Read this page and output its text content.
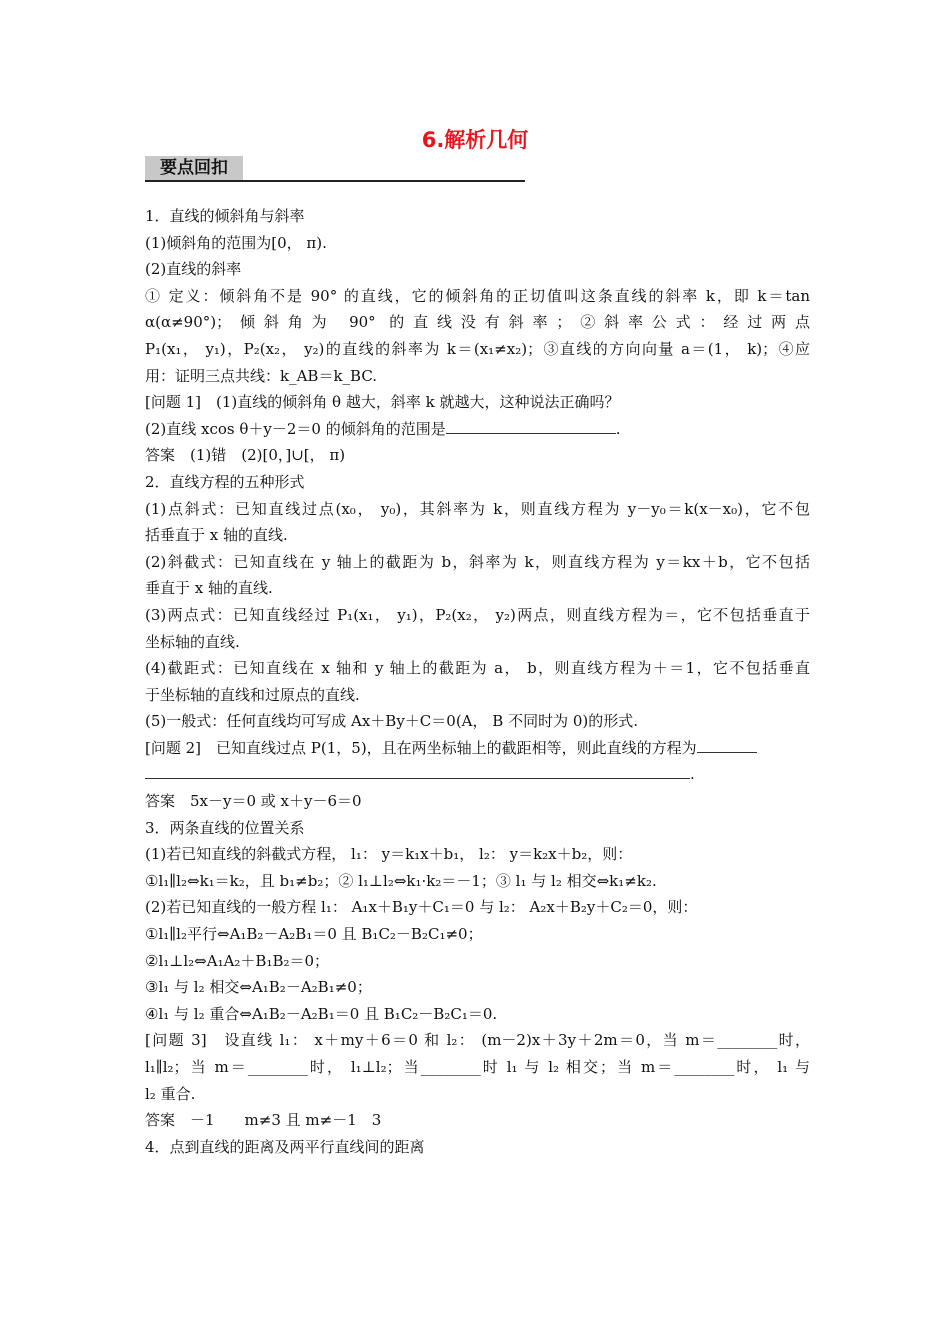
6.解析几何
要点回扣
1．直线的倾斜角与斜率
(1)倾斜角的范围为[0， π).
(2)直线的斜率
① 定义：倾斜角不是 90° 的直线，它的倾斜角的正切值叫这条直线的斜率 k，即 k＝tan
α(α≠90°)；倾斜角为 90° 的直线没有斜率；②斜率公式：经过两点
P₁(x₁， y₁)，P₂(x₂， y₂)的直线的斜率为 k＝(x₁≠x₂)；③直线的方向向量 a＝(1， k)；④应
用：证明三点共线：k_AB＝k_BC.
[问题 1]　(1)直线的倾斜角 θ 越大，斜率 k 就越大，这种说法正确吗？
(2)直线 xcos θ＋y－2＝0 的倾斜角的范围是	.
答案　(1)错　(2)[0，]∪[， π)
2．直线方程的五种形式
(1)点斜式：已知直线过点(x₀， y₀)，其斜率为 k，则直线方程为 y－y₀＝k(x－x₀)，它不包
括垂直于 x 轴的直线.
(2)斜截式：已知直线在 y 轴上的截距为 b，斜率为 k，则直线方程为 y＝kx＋b，它不包括
垂直于 x 轴的直线.
(3)两点式：已知直线经过 P₁(x₁， y₁)，P₂(x₂， y₂)两点，则直线方程为＝，它不包括垂直于
坐标轴的直线.
(4)截距式：已知直线在 x 轴和 y 轴上的截距为 a， b，则直线方程为＋＝1，它不包括垂直
于坐标轴的直线和过原点的直线.
(5)一般式：任何直线均可写成 Ax＋By＋C＝0(A， B 不同时为 0)的形式.
[问题 2]　已知直线过点 P(1，5)，且在两坐标轴上的截距相等，则此直线的方程为
.
答案　5x－y＝0 或 x＋y－6＝0
3．两条直线的位置关系
(1)若已知直线的斜截式方程， l₁： y＝k₁x＋b₁， l₂： y＝k₂x＋b₂，则：
①l₁∥l₂⇔k₁＝k₂，且 b₁≠b₂；② l₁⊥l₂⇔k₁·k₂＝－1；③ l₁ 与 l₂ 相交⇔k₁≠k₂.
(2)若已知直线的一般方程 l₁： A₁x＋B₁y＋C₁＝0 与 l₂： A₂x＋B₂y＋C₂＝0，则：
①l₁∥l₂平行⇔A₁B₂－A₂B₁＝0 且 B₁C₂－B₂C₁≠0；
②l₁⊥l₂⇔A₁A₂＋B₁B₂＝0；
③l₁ 与 l₂ 相交⇔A₁B₂－A₂B₁≠0；
④l₁ 与 l₂ 重合⇔A₁B₂－A₂B₁＝0 且 B₁C₂－B₂C₁＝0.
[问题 3]　设直线 l₁： x＋my＋6＝0 和 l₂： (m－2)x＋3y＋2m＝0，当 m＝________时，
l₁∥l₂；当 m＝________时， l₁⊥l₂；当________时 l₁ 与 l₂ 相交；当 m＝________时， l₁ 与
l₂ 重合.
答案　－1　　m≠3 且 m≠－1　3
4．点到直线的距离及两平行直线间的距离
